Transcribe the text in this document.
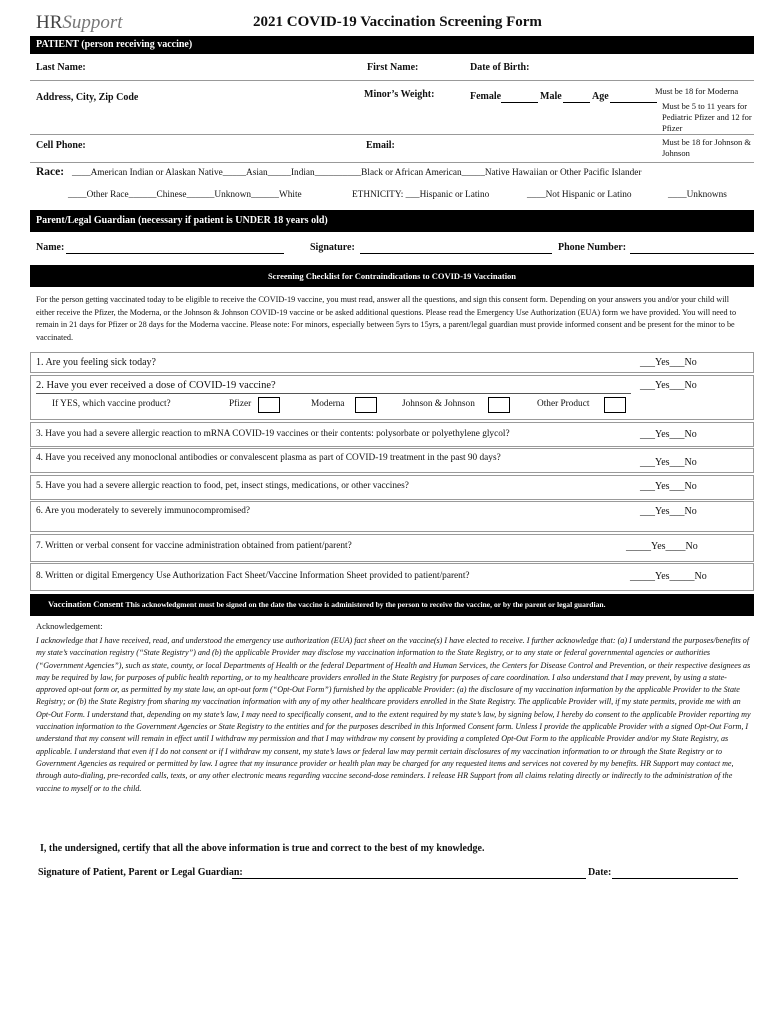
HRSupport	2021 COVID-19 Vaccination Screening Form
PATIENT (person receiving vaccine)
Last Name:	First Name:	Date of Birth:
Address, City, Zip Code	Minor’s Weight:	Female	Male	Age	Must be 18 for Moderna
Must be 5 to 11 years for Pediatric Pfizer and 12 for Pfizer
Cell Phone:	Email:	Must be 18 for Johnson & Johnson
Race: ____American Indian or Alaskan Native_____Asian_____Indian__________Black or African American_____Native Hawaiian or Other Pacific Islander
____Other Race______Chinese______Unknown______White	ETHNICITY: ___Hispanic or Latino	____Not Hispanic or Latino	____Unknowns
Parent/Legal Guardian (necessary if patient is UNDER 18 years old)
Name:	Signature:	Phone Number:
Screening Checklist for Contraindications to COVID-19 Vaccination
For the person getting vaccinated today to be eligible to receive the COVID-19 vaccine, you must read, answer all the questions, and sign this consent form. Depending on your answers you and/or your child will either receive the Pfizer, the Moderna, or the Johnson & Johnson COVID-19 vaccine or be asked additional questions. Please read the Emergency Use Authorization (EUA) form we have provided. You will need to remain in 21 days for Pfizer or 28 days for the Moderna vaccine. Please note: For minors, especially between 5yrs to 15yrs, a parent/legal guardian must provide informed consent and be present for the minor to be vaccinated.
1. Are you feeling sick today?	___Yes___No
2. Have you ever received a dose of COVID-19 vaccine?	___Yes___No
If YES, which vaccine product?	Pfizer	Moderna	Johnson & Johnson	Other Product
3. Have you had a severe allergic reaction to mRNA COVID-19 vaccines or their contents: polysorbate or polyethylene glycol?	___Yes___No
4. Have you received any monoclonal antibodies or convalescent plasma as part of COVID-19 treatment in the past 90 days?	___Yes___No
5. Have you had a severe allergic reaction to food, pet, insect stings, medications, or other vaccines?	___Yes___No
6. Are you moderately to severely immunocompromised?	___Yes___No
7. Written or verbal consent for vaccine administration obtained from patient/parent?	_____Yes____No
8. Written or digital Emergency Use Authorization Fact Sheet/Vaccine Information Sheet provided to patient/parent?	_____Yes_____No
Vaccination Consent This acknowledgment must be signed on the date the vaccine is administered by the person to receive the vaccine, or by the parent or legal guardian.
Acknowledgement:
I acknowledge that I have received, read, and understood the emergency use authorization (EUA) fact sheet on the vaccine(s) I have elected to receive. I further acknowledge that: (a) I understand the purposes/benefits of my state’s vaccination registry (“State Registry”) and (b) the applicable Provider may disclose my vaccination information to the State Registry, or to any state or federal governmental agencies or authorities (“Government Agencies”), such as state, county, or local Departments of Health or the federal Department of Health and Human Services, the Centers for Disease Control and Prevention, or their respective designees as may be required by law, for purposes of public health reporting, or to my healthcare providers enrolled in the State Registry for purposes of care coordination. I also understand that I may prevent, by using a state-approved opt-out form or, as permitted by my state law, an opt-out form (“Opt-Out Form”) furnished by the applicable Provider: (a) the disclosure of my vaccination information by the applicable Provider to the State Registry; or (b) the State Registry from sharing my vaccination information with any of my other healthcare providers enrolled in the State Registry. The applicable Provider will, if my state permits, provide me with an Opt-Out Form. I understand that, depending on my state’s law, I may need to specifically consent, and to the extent required by my state’s law, by signing below, I hereby do consent to the applicable Provider reporting my vaccination information to the Government Agencies or State Registry to the entities and for the purposes described in this Informed Consent form. Unless I provide the applicable Provider with a signed Opt-Out Form, I understand that my consent will remain in effect until I withdraw my permission and that I may withdraw my consent by providing a completed Opt-Out Form to the applicable Provider and/or my State Registry, as applicable. I understand that even if I do not consent or if I withdraw my consent, my state’s laws or federal law may permit certain disclosures of my vaccination information to or through the State Registry or to Government Agencies as required or permitted by law. I agree that my insurance provider or health plan may be charged for any requested items and services not covered by my benefits. HR Support may contact me, through auto-dialing, pre-recorded calls, texts, or any other electronic means regarding vaccine second-dose reminders. I release HR Support from all claims relating directly or indirectly to the administration of the vaccine to myself or to the child.
I, the undersigned, certify that all the above information is true and correct to the best of my knowledge.
Signature of Patient, Parent or Legal Guardian:	Date:
